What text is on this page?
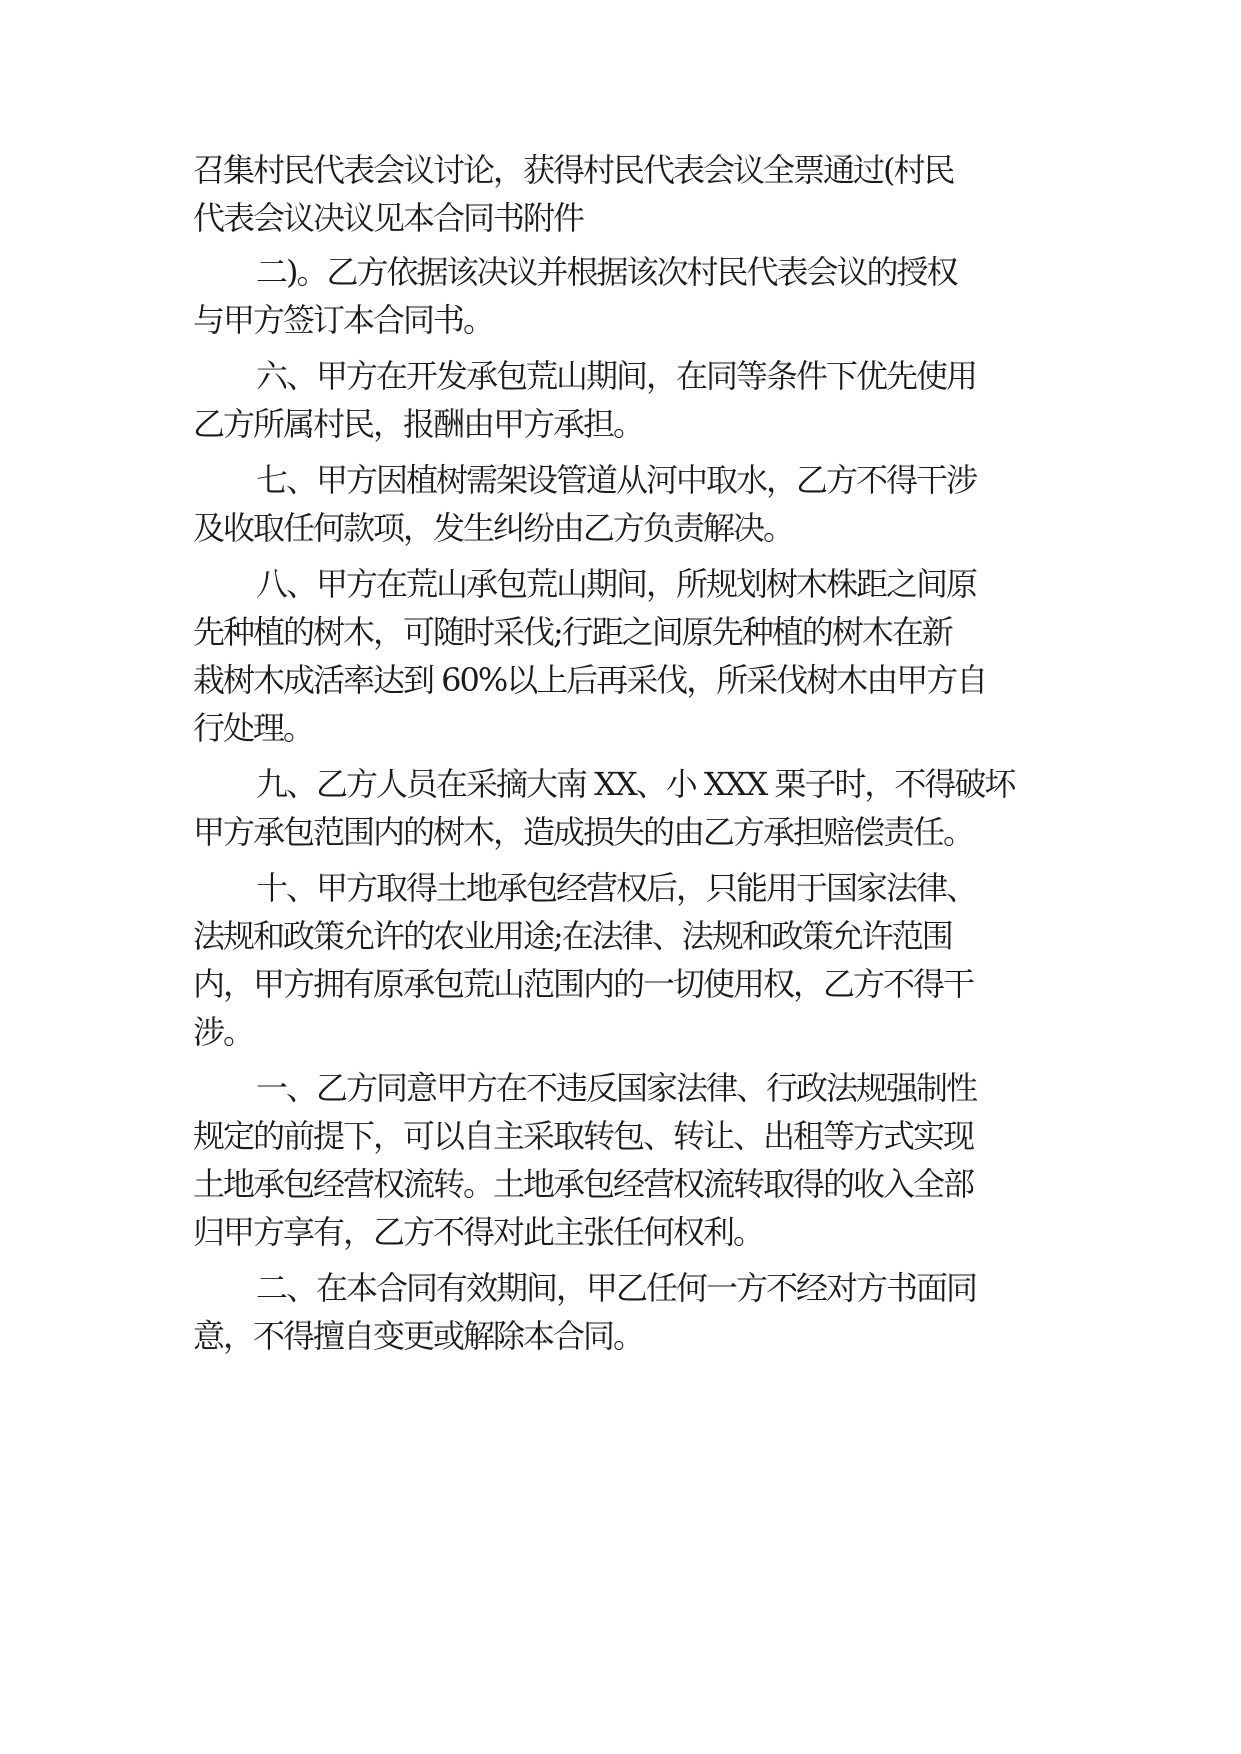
召集村民代表会议讨论，获得村民代表会议全票通过(村民
代表会议决议见本合同书附件
二)。乙方依据该决议并根据该次村民代表会议的授权
与甲方签订本合同书。
六、甲方在开发承包荒山期间，在同等条件下优先使用
乙方所属村民，报酬由甲方承担。
七、甲方因植树需架设管道从河中取水，乙方不得干涉
及收取任何款项，发生纠纷由乙方负责解决。
八、甲方在荒山承包荒山期间，所规划树木株距之间原
先种植的树木，可随时采伐;行距之间原先种植的树木在新
栽树木成活率达到 60%以上后再采伐，所采伐树木由甲方自
行处理。
九、乙方人员在采摘大南 XX、小 XXX 栗子时，不得破坏
甲方承包范围内的树木，造成损失的由乙方承担赔偿责任。
十、甲方取得土地承包经营权后，只能用于国家法律、
法规和政策允许的农业用途;在法律、法规和政策允许范围
内，甲方拥有原承包荒山范围内的一切使用权，乙方不得干
涉。
一、乙方同意甲方在不违反国家法律、行政法规强制性
规定的前提下，可以自主采取转包、转让、出租等方式实现
土地承包经营权流转。土地承包经营权流转取得的收入全部
归甲方享有，乙方不得对此主张任何权利。
二、在本合同有效期间，甲乙任何一方不经对方书面同
意，不得擅自变更或解除本合同。
